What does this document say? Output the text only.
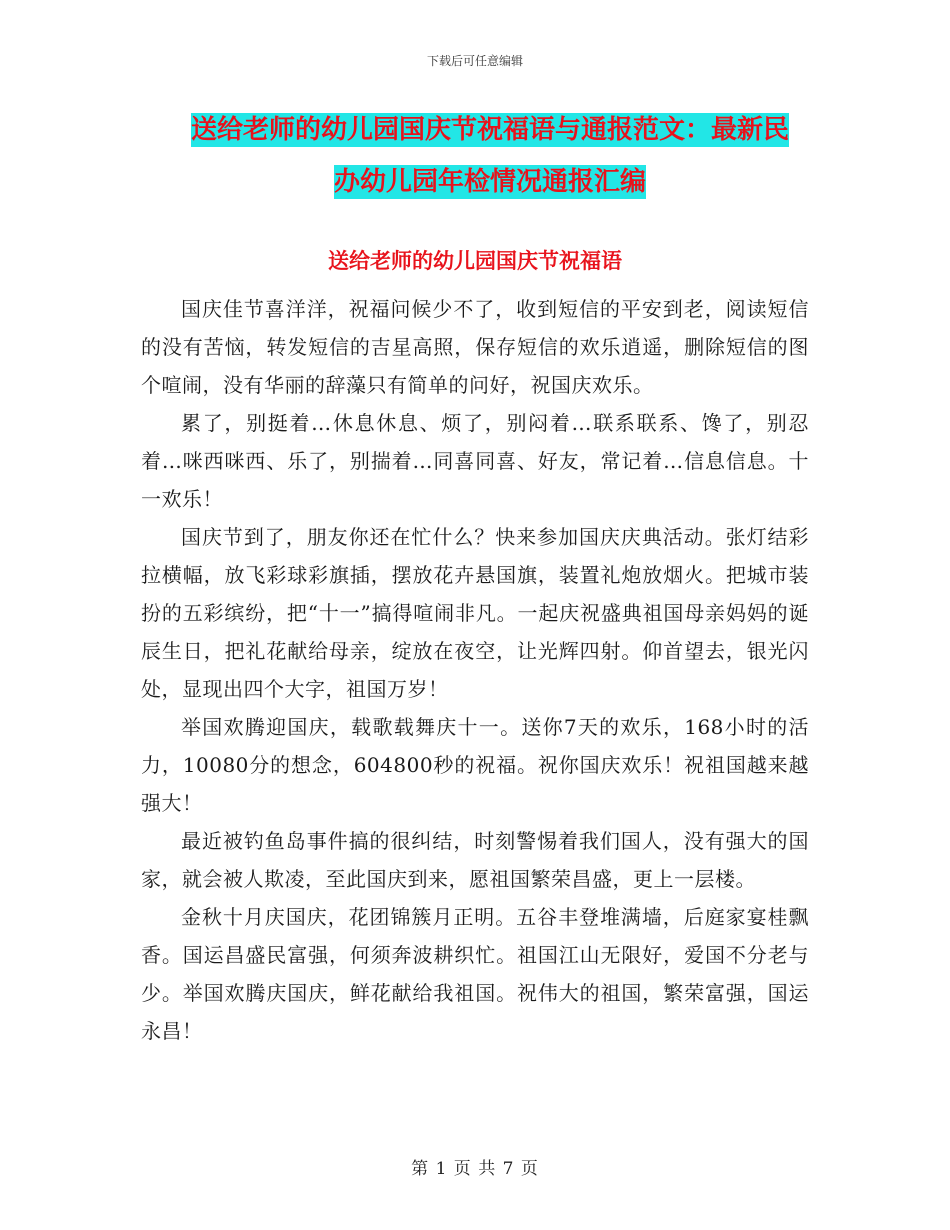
下载后可任意编辑
送给老师的幼儿园国庆节祝福语与通报范文：最新民
办幼儿园年检情况通报汇编
送给老师的幼儿园国庆节祝福语

国庆佳节喜洋洋，祝福问候少不了，收到短信的平安到老，阅读短信的没有苦恼，转发短信的吉星高照，保存短信的欢乐逍遥，删除短信的图个喧闹，没有华丽的辞藻只有简单的问好，祝国庆欢乐。

累了，别挺着…休息休息、烦了，别闷着…联系联系、馋了，别忍着…咪西咪西、乐了，别揣着…同喜同喜、好友，常记着…信息信息。十一欢乐！

国庆节到了，朋友你还在忙什么？快来参加国庆庆典活动。张灯结彩拉横幅，放飞彩球彩旗插，摆放花卉悬国旗，装置礼炮放烟火。把城市装扮的五彩缤纷，把“十一”搞得喧闹非凡。一起庆祝盛典祖国母亲妈妈的诞辰生日，把礼花献给母亲，绽放在夜空，让光辉四射。仰首望去，银光闪处，显现出四个大字，祖国万岁！

举国欢腾迎国庆，载歌载舞庆十一。送你7天的欢乐，168小时的活力，10080分的想念，604800秒的祝福。祝你国庆欢乐！祝祖国越来越强大！

最近被钓鱼岛事件搞的很纠结，时刻警惕着我们国人，没有强大的国家，就会被人欺凌，至此国庆到来，愿祖国繁荣昌盛，更上一层楼。

金秋十月庆国庆，花团锦簇月正明。五谷丰登堆满墙，后庭家宴桂飘香。国运昌盛民富强，何须奔波耕织忙。祖国江山无限好，爱国不分老与少。举国欢腾庆国庆，鲜花献给我祖国。祝伟大的祖国，繁荣富强，国运永昌！

第 1 页 共 7 页
